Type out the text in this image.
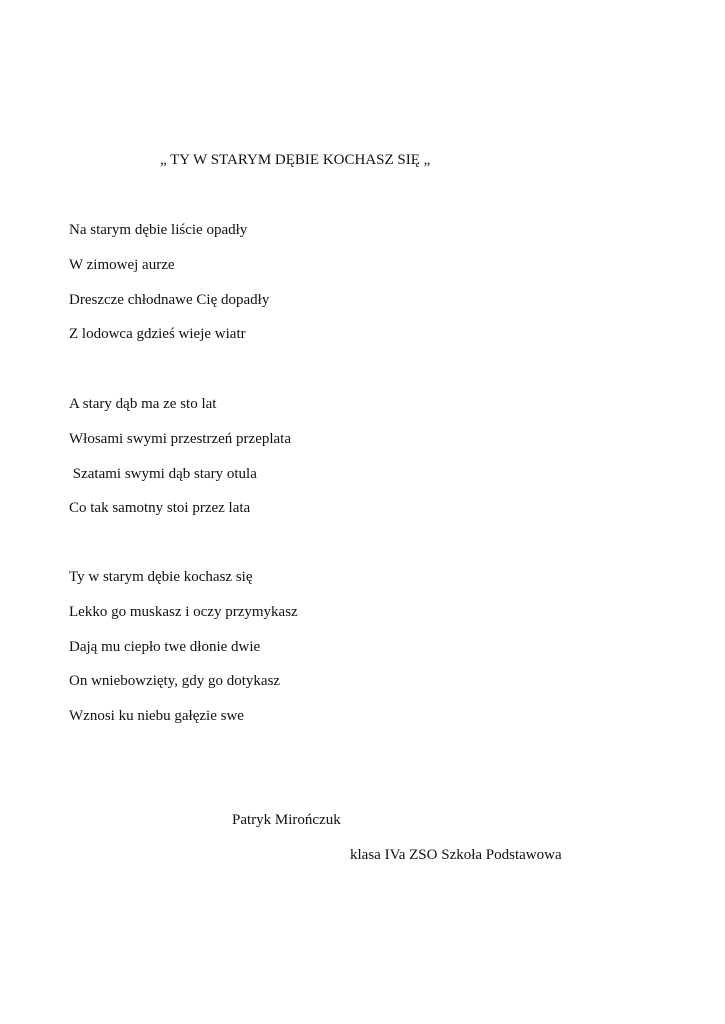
„ TY W STARYM DĘBIE KOCHASZ SIĘ „
Na starym dębie liście opadły
W zimowej aurze
Dreszcze chłodnawe Cię dopadły
Z lodowca gdzieś wieje wiatr
A stary dąb ma ze sto lat
Włosami swymi przestrzeń przeplata
Szatami swymi dąb stary otula
Co tak samotny stoi przez lata
Ty w starym dębie kochasz się
Lekko go muskasz i oczy przymykasz
Dają mu ciepło twe dłonie dwie
On wniebowzięty, gdy go dotykasz
Wznosi ku niebu gałęzie swe
Patryk Mirończuk
klasa IVa ZSO Szkoła Podstawowa
